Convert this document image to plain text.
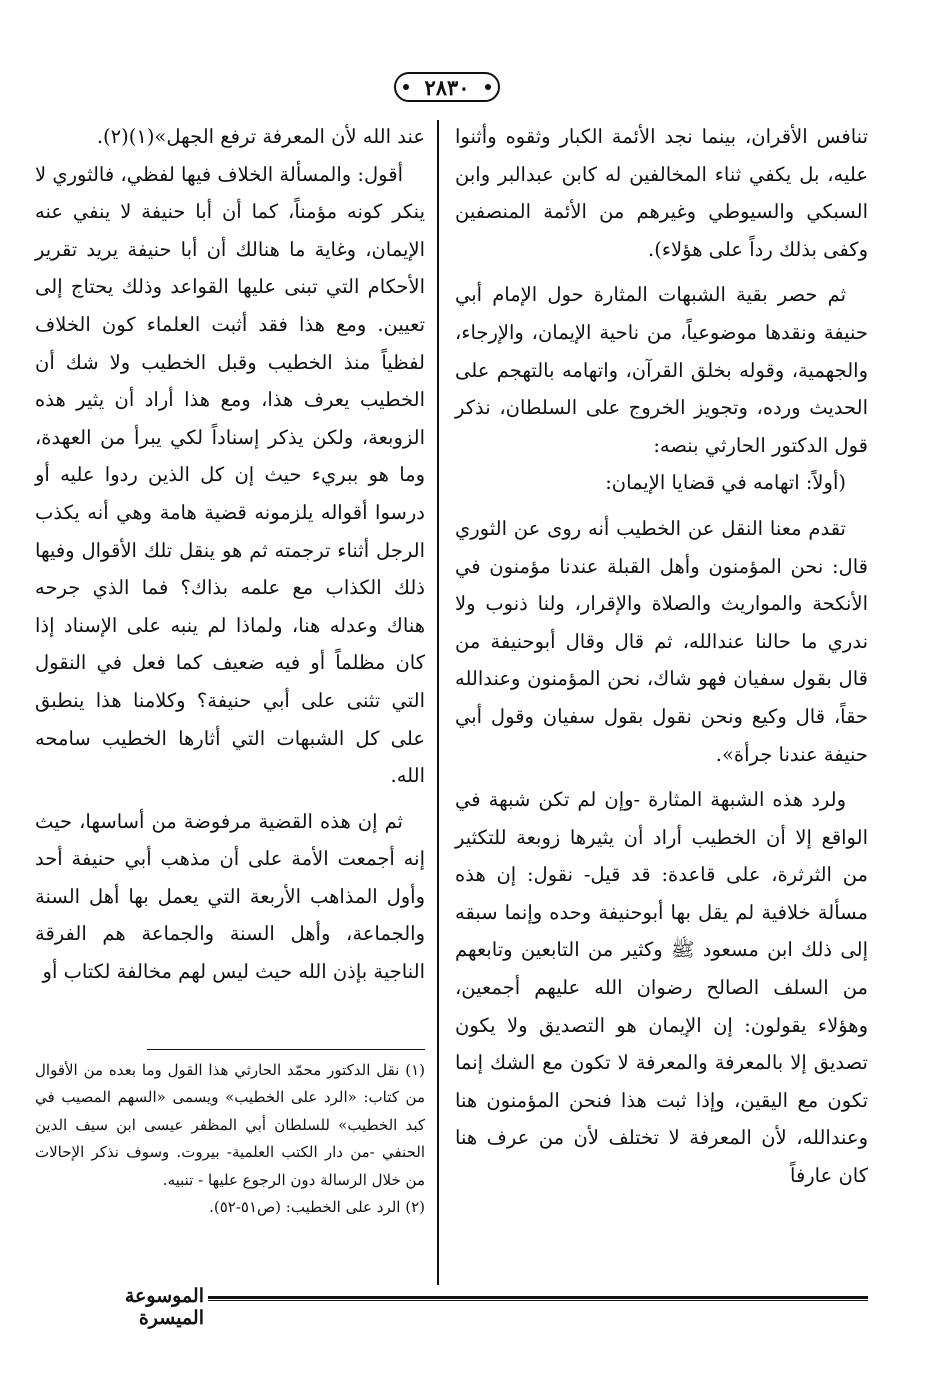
٢٨٣٠

تنافس الأقران، بينما نجد الأئمة الكبار وثقوه وأثنوا عليه، بل يكفي ثناء المخالفين له كابن عبدالبر وابن السبكي والسيوطي وغيرهم من الأئمة المنصفين وكفى بذلك رداً على هؤلاء).

ثم حصر بقية الشبهات المثارة حول الإمام أبي حنيفة ونقدها موضوعياً، من ناحية الإيمان، والإرجاء، والجهمية، وقوله بخلق القرآن، واتهامه بالتهجم على الحديث ورده، وتجويز الخروج على السلطان، نذكر قول الدكتور الحارثي بنصه:

(أولاً: اتهامه في قضايا الإيمان:

تقدم معنا النقل عن الخطيب أنه روى عن الثوري قال: نحن المؤمنون وأهل القبلة عندنا مؤمنون في الأنكحة والمواريث والصلاة والإقرار، ولنا ذنوب ولا ندري ما حالنا عندالله، ثم قال وقال أبوحنيفة من قال بقول سفيان فهو شاك، نحن المؤمنون وعندالله حقاً، قال وكيع ونحن نقول بقول سفيان وقول أبي حنيفة عندنا جرأة».

ولرد هذه الشبهة المثارة -وإن لم تكن شبهة في الواقع إلا أن الخطيب أراد أن يثيرها زوبعة للتكثير من الثرثرة، على قاعدة: قد قيل- نقول: إن هذه مسألة خلافية لم يقل بها أبوحنيفة وحده وإنما سبقه إلى ذلك ابن مسعود ﷺ وكثير من التابعين وتابعهم من السلف الصالح رضوان الله عليهم أجمعين، وهؤلاء يقولون: إن الإيمان هو التصديق ولا يكون تصديق إلا بالمعرفة والمعرفة لا تكون مع الشك إنما تكون مع اليقين، وإذا ثبت هذا فنحن المؤمنون هنا وعندالله، لأن المعرفة لا تختلف لأن من عرف هنا كان عارفاً

عند الله لأن المعرفة ترفع الجهل»(١)(٢).

أقول: والمسألة الخلاف فيها لفظي، فالثوري لا ينكر كونه مؤمناً، كما أن أبا حنيفة لا ينفي عنه الإيمان، وغاية ما هنالك أن أبا حنيفة يريد تقرير الأحكام التي تبنى عليها القواعد وذلك يحتاج إلى تعيين. ومع هذا فقد أثبت العلماء كون الخلاف لفظياً منذ الخطيب وقبل الخطيب ولا شك أن الخطيب يعرف هذا، ومع هذا أراد أن يثير هذه الزوبعة، ولكن يذكر إسناداً لكي يبرأ من العهدة، وما هو ببريء حيث إن كل الذين ردوا عليه أو درسوا أقواله يلزمونه قضية هامة وهي أنه يكذب الرجل أثناء ترجمته ثم هو ينقل تلك الأقوال وفيها ذلك الكذاب مع علمه بذاك؟ فما الذي جرحه هناك وعدله هنا، ولماذا لم ينبه على الإسناد إذا كان مظلماً أو فيه ضعيف كما فعل في النقول التي تثنى على أبي حنيفة؟ وكلامنا هذا ينطبق على كل الشبهات التي أثارها الخطيب سامحه الله.

ثم إن هذه القضية مرفوضة من أساسها، حيث إنه أجمعت الأمة على أن مذهب أبي حنيفة أحد وأول المذاهب الأربعة التي يعمل بها أهل السنة والجماعة، وأهل السنة والجماعة هم الفرقة الناجية بإذن الله حيث ليس لهم مخالفة لكتاب أو

(١) نقل الدكتور محمّد الحارثي هذا القول وما بعده من الأقوال من كتاب: «الرد على الخطيب» ويسمى «السهم المصيب في كبد الخطيب» للسلطان أبي المظفر عيسى ابن سيف الدين الحنفي -من دار الكتب العلمية- بيروت. وسوف نذكر الإحالات من خلال الرسالة دون الرجوع عليها - تنبيه.

(٢) الرد على الخطيب: (ص٥١-٥٢).

الموسوعة الميسرة
